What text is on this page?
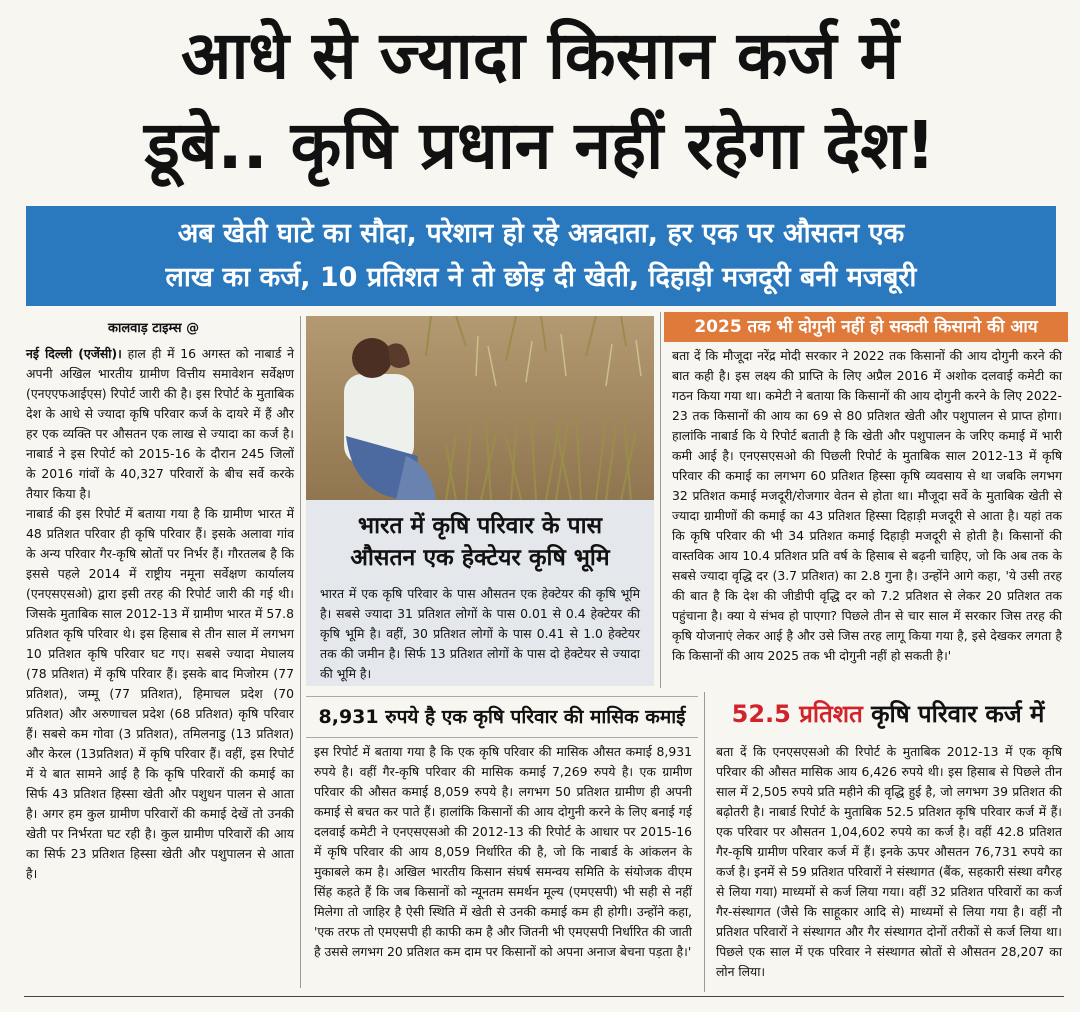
आधे से ज्यादा किसान कर्ज में
डूबे.. कृषि प्रधान नहीं रहेगा देश!
अब खेती घाटे का सौदा, परेशान हो रहे अन्नदाता, हर एक पर औसतन एक
लाख का कर्ज, 10 प्रतिशत ने तो छोड़ दी खेती, दिहाड़ी मजदूरी बनी मजबूरी
कालवाड़ टाइम्स @

नई दिल्ली (एजेंसी)। हाल ही में 16 अगस्त को नाबार्ड ने अपनी अखिल भारतीय ग्रामीण वित्तीय समावेशन सर्वेक्षण (एनएएफआईएस) रिपोर्ट जारी की है। इस रिपोर्ट के मुताबिक देश के आधे से ज्यादा कृषि परिवार कर्ज के दायरे में हैं और हर एक व्यक्ति पर औसतन एक लाख से ज्यादा का कर्ज है। नाबार्ड ने इस रिपोर्ट को 2015-16 के दौरान 245 जिलों के 2016 गांवों के 40,327 परिवारों के बीच सर्वे करके तैयार किया है।

नाबार्ड की इस रिपोर्ट में बताया गया है कि ग्रामीण भारत में 48 प्रतिशत परिवार ही कृषि परिवार हैं। इसके अलावा गांव के अन्य परिवार गैर-कृषि स्रोतों पर निर्भर हैं। गौरतलब है कि इससे पहले 2014 में राष्ट्रीय नमूना सर्वेक्षण कार्यालय (एनएसएसओ) द्वारा इसी तरह की रिपोर्ट जारी की गई थी। जिसके मुताबिक साल 2012-13 में ग्रामीण भारत में 57.8 प्रतिशत कृषि परिवार थे। इस हिसाब से तीन साल में लगभग 10 प्रतिशत कृषि परिवार घट गए। सबसे ज्यादा मेघालय (78 प्रतिशत) में कृषि परिवार हैं। इसके बाद मिजोरम (77 प्रतिशत), जम्मू (77 प्रतिशत), हिमाचल प्रदेश (70 प्रतिशत) और अरुणाचल प्रदेश (68 प्रतिशत) कृषि परिवार हैं। सबसे कम गोवा (3 प्रतिशत), तमिलनाडु (13 प्रतिशत) और केरल (13प्रतिशत) में कृषि परिवार हैं। वहीं, इस रिपोर्ट में ये बात सामने आई है कि कृषि परिवारों की कमाई का सिर्फ 43 प्रतिशत हिस्सा खेती और पशुधन पालन से आता है। अगर हम कुल ग्रामीण परिवारों की कमाई देखें तो उनकी खेती पर निर्भरता घट रही है। कुल ग्रामीण परिवारों की आय का सिर्फ 23 प्रतिशत हिस्सा खेती और पशुपालन से आता है।

भारत में कृषि परिवार के पास
औसतन एक हेक्टेयर कृषि भूमि
भारत में एक कृषि परिवार के पास औसतन एक हेक्टेयर की कृषि भूमि है। सबसे ज्यादा 31 प्रतिशत लोगों के पास 0.01 से 0.4 हेक्टेयर की कृषि भूमि है। वहीं, 30 प्रतिशत लोगों के पास 0.41 से 1.0 हेक्टेयर तक की जमीन है। सिर्फ 13 प्रतिशत लोगों के पास दो हेक्टेयर से ज्यादा की भूमि है।
2025 तक भी दोगुनी नहीं हो सकती किसानो की आय
बता दें कि मौजूदा नरेंद्र मोदी सरकार ने 2022 तक किसानों की आय दोगुनी करने की बात कही है। इस लक्ष्य की प्राप्ति के लिए अप्रैल 2016 में अशोक दलवाई कमेटी का गठन किया गया था। कमेटी ने बताया कि किसानों की आय दोगुनी करने के लिए 2022-23 तक किसानों की आय का 69 से 80 प्रतिशत खेती और पशुपालन से प्राप्त होगा। हालांकि नाबार्ड कि ये रिपोर्ट बताती है कि खेती और पशुपालन के जरिए कमाई में भारी कमी आई है। एनएसएसओ की पिछली रिपोर्ट के मुताबिक साल 2012-13 में कृषि परिवार की कमाई का लगभग 60 प्रतिशत हिस्सा कृषि व्यवसाय से था जबकि लगभग 32 प्रतिशत कमाई मजदूरी/रोजगार वेतन से होता था। मौजूदा सर्वे के मुताबिक खेती से ज्यादा ग्रामीणों की कमाई का 43 प्रतिशत हिस्सा दिहाड़ी मजदूरी से आता है। यहां तक कि कृषि परिवार की भी 34 प्रतिशत कमाई दिहाड़ी मजदूरी से होती है। किसानों की वास्तविक आय 10.4 प्रतिशत प्रति वर्ष के हिसाब से बढ़नी चाहिए, जो कि अब तक के सबसे ज्यादा वृद्धि दर (3.7 प्रतिशत) का 2.8 गुना है। उन्होंने आगे कहा, 'ये उसी तरह की बात है कि देश की जीडीपी वृद्धि दर को 7.2 प्रतिशत से लेकर 20 प्रतिशत तक पहुंचाना है। क्या ये संभव हो पाएगा? पिछले तीन से चार साल में सरकार जिस तरह की कृषि योजनाएं लेकर आई है और उसे जिस तरह लागू किया गया है, इसे देखकर लगता है कि किसानों की आय 2025 तक भी दोगुनी नहीं हो सकती है।'
8,931 रुपये है एक कृषि परिवार की मासिक कमाई
इस रिपोर्ट में बताया गया है कि एक कृषि परिवार की मासिक औसत कमाई 8,931 रुपये है। वहीं गैर-कृषि परिवार की मासिक कमाई 7,269 रुपये है। एक ग्रामीण परिवार की औसत कमाई 8,059 रुपये है। लगभग 50 प्रतिशत ग्रामीण ही अपनी कमाई से बचत कर पाते हैं। हालांकि किसानों की आय दोगुनी करने के लिए बनाई गई दलवाई कमेटी ने एनएसएसओ की 2012-13 की रिपोर्ट के आधार पर 2015-16 में कृषि परिवार की आय 8,059 निर्धारित की है, जो कि नाबार्ड के आंकलन के मुकाबले कम है। अखिल भारतीय किसान संघर्ष समन्वय समिति के संयोजक वीएम सिंह कहते हैं कि जब किसानों को न्यूनतम समर्थन मूल्य (एमएसपी) भी सही से नहीं मिलेगा तो जाहिर है ऐसी स्थिति में खेती से उनकी कमाई कम ही होगी। उन्होंने कहा, 'एक तरफ तो एमएसपी ही काफी कम है और जितनी भी एमएसपी निर्धारित की जाती है उससे लगभग 20 प्रतिशत कम दाम पर किसानों को अपना अनाज बेचना पड़ता है।'
52.5 प्रतिशत कृषि परिवार कर्ज में
बता दें कि एनएसएसओ की रिपोर्ट के मुताबिक 2012-13 में एक कृषि परिवार की औसत मासिक आय 6,426 रुपये थी। इस हिसाब से पिछले तीन साल में 2,505 रुपये प्रति महीने की वृद्धि हुई है, जो लगभग 39 प्रतिशत की बढ़ोतरी है। नाबार्ड रिपोर्ट के मुताबिक 52.5 प्रतिशत कृषि परिवार कर्ज में हैं। एक परिवार पर औसतन 1,04,602 रुपये का कर्ज है। वहीं 42.8 प्रतिशत गैर-कृषि ग्रामीण परिवार कर्ज में हैं। इनके ऊपर औसतन 76,731 रुपये का कर्ज है। इनमें से 59 प्रतिशत परिवारों ने संस्थागत (बैंक, सहकारी संस्था वगैरह से लिया गया) माध्यमों से कर्ज लिया गया। वहीं 32 प्रतिशत परिवारों का कर्ज गैर-संस्थागत (जैसे कि साहूकार आदि से) माध्यमों से लिया गया है। वहीं नौ प्रतिशत परिवारों ने संस्थागत और गैर संस्थागत दोनों तरीकों से कर्ज लिया था। पिछले एक साल में एक परिवार ने संस्थागत स्रोतों से औसतन 28,207 का लोन लिया।
